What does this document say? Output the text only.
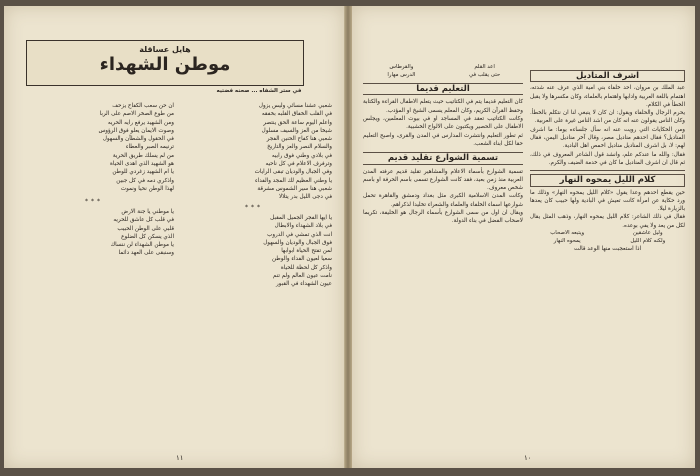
هايل عساقلة
موطن الشهداء
في ستر الشفاه ... صحنه فضتيه
شعبي عشنا مسائي وليس يزول
في القلب الخفاق القلبه بخفقه
واعلم اليوم ساعة الحق ينتصر
شيخا من العز والسيف مسلول
شعبي هنا كفاح الحنين الفجر
والسلام النصر والعز والتاريخ
في بلادي وطني فوق رابيه
وترفرف الاعلام في كل ناحيه
وفي الجبال والوديان تبقى الرايات
يا وطني العظيم لك المجد والفداء
شعبي هنا سير الشموس مشرقة
في دجى الليل بدر يتلالا
ان حن سعب الكفاح يزحف
من طوع الصخر الاصم على الربا
ومن الشهيد يرفع رايه الحريه
وصوت الايمان يعلو فوق الرؤوس
في الحقول والشطآن والسهول
ترنيمه الصبر والعطاء
من لم يسلك طريق الحرية
هو الشهيد الذي اهدى الحياة
يا ام الشهيد زغردي للوطن
واذكري دمه في كل جبين
لهذا الوطن نحيا ونموت
***
***
يا ايها الفجر الجميل المقبل
في بلاد الشهداء والابطال
انت الذي تمشي في الدروب
فوق الجبال والوديان والسهول
لمن تفتح الحياة ابوابها
سعيا لعيون الفداء والوطن
واذكر كل لحظة للحياة
نامت عيون العالم ولم تنم
عيون الشهداء في القبور
يا موطني يا جنة الارض
في قلب كل عاشق للحريه
قلبي على الوطن الحبيب
الذي يسكن كل الضلوع
يا موطن الشهداء لن ننساك
وسنبقى على العهد دائما
١١
اشرف المتاديل

عبد الملك بن مروان، احد خلفاء بني امية الذي عرف عنه شدته، اهتمام باللغة العربية وادابها واهتمام بالعلماء، وكان مكسرها ولا يقبل الخطأ في الكلام.

يحرم الرجال والحلفاء ويقول: ان كان لا ينبغي لنا ان نتكلم بالخطأ. وكان الناس يقولون عنه انه كان من اشد الناس غيرة على العربية.

ومن الحكايات التي رويت عنه انه سأل جلساءه يوما: ما اشرف المناديل؟ فقال احدهم مناديل مصر، وقال آخر مناديل اليمن، فقال لهم: لا، بل اشرف المناديل مناديل اخمص اهل البادية.

فقال: والله ما عندكم علم، وانشد قول الشاعر المعروف في ذلك، ثم قال ان اشرف المناديل ما كان في خدمة الضيف والكرم.

كلام الليل يمحوه النهار

حين يقطع احدهم وعدا يقول «كلام الليل يمحوه النهار» وذلك ما ورد حكاية عن امرأة كانت تعيش في البادية ولها حبيب كان يعدها بالزيارة ليلا.

فقال في ذلك الشاعر: كلام الليل يمحوه النهار، وذهب المثل يقال لكل من يعد ولا يفي بوعده.

وليل عاشقين
ويتبعه الاصحاب
ولكنه كلام الليل
يمحوه النهار
اذا استعجبت منها الوعد قالت
اعد القلم
والقرطاس
حتى يقلب في
الدرس مهارا
التعليم قديما

كان التعليم قديما يتم في الكتاتيب حيث يتعلم الاطفال القراءة والكتابة وحفظ القرآن الكريم، وكان المعلم يسمى الشيخ او المؤدب.

وكانت الكتاتيب تعقد في المساجد او في بيوت المعلمين، ويجلس الاطفال على الحصير ويكتبون على الالواح الخشبية.

ثم تطور التعليم وانتشرت المدارس في المدن والقرى، واصبح التعليم حقا لكل ابناء الشعب.

تسمية الشوارع تقليد قديم

تسمية الشوارع بأسماء الاعلام والمشاهير تقليد قديم عرفته المدن العربية منذ زمن بعيد، فقد كانت الشوارع تسمى باسم الحرفة او باسم شخص معروف.

وكانت المدن الاسلامية الكبرى مثل بغداد ودمشق والقاهرة تحمل شوارعها اسماء الخلفاء والعلماء والشعراء تخليدا لذكراهم.

ويقال ان اول من سمى الشوارع بأسماء الرجال هو الخليفة، تكريما لاصحاب الفضل في بناء الدولة.

١٠
